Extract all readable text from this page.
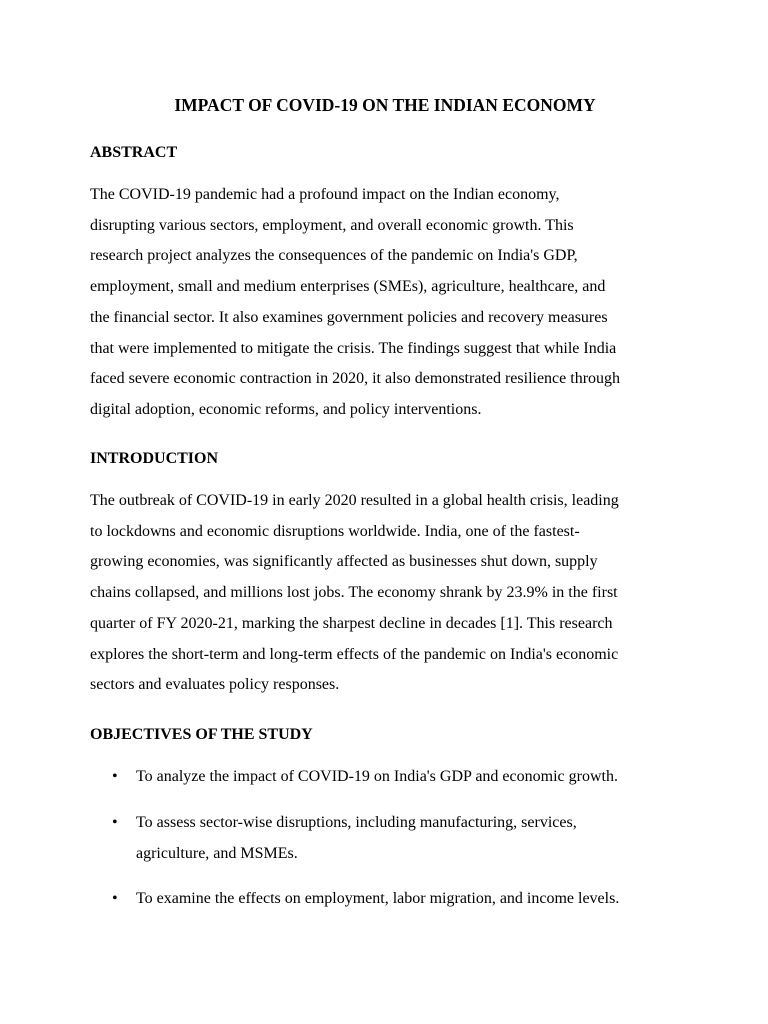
IMPACT OF COVID-19 ON THE INDIAN ECONOMY
ABSTRACT
The COVID-19 pandemic had a profound impact on the Indian economy,
disrupting various sectors, employment, and overall economic growth. This
research project analyzes the consequences of the pandemic on India's GDP,
employment, small and medium enterprises (SMEs), agriculture, healthcare, and
the financial sector. It also examines government policies and recovery measures
that were implemented to mitigate the crisis. The findings suggest that while India
faced severe economic contraction in 2020, it also demonstrated resilience through
digital adoption, economic reforms, and policy interventions.
INTRODUCTION
The outbreak of COVID-19 in early 2020 resulted in a global health crisis, leading
to lockdowns and economic disruptions worldwide. India, one of the fastest-
growing economies, was significantly affected as businesses shut down, supply
chains collapsed, and millions lost jobs. The economy shrank by 23.9% in the first
quarter of FY 2020-21, marking the sharpest decline in decades [1]. This research
explores the short-term and long-term effects of the pandemic on India's economic
sectors and evaluates policy responses.
OBJECTIVES OF THE STUDY
• To analyze the impact of COVID-19 on India's GDP and economic growth.
• To assess sector-wise disruptions, including manufacturing, services,
agriculture, and MSMEs.
• To examine the effects on employment, labor migration, and income levels.
